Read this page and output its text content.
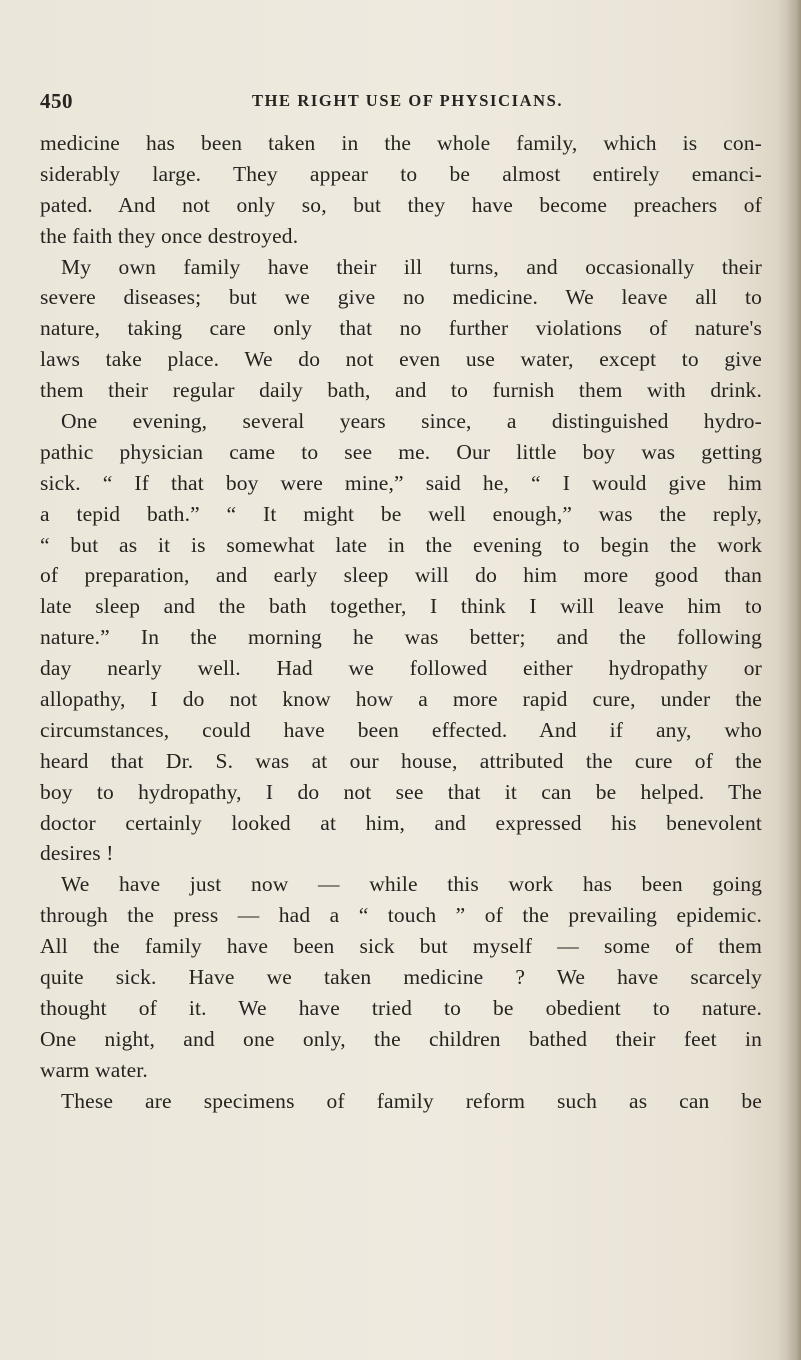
450	THE RIGHT USE OF PHYSICIANS.
medicine has been taken in the whole family, which is con-
siderably large. They appear to be almost entirely emanci-
pated. And not only so, but they have become preachers of
the faith they once destroyed.
My own family have their ill turns, and occasionally their
severe diseases; but we give no medicine. We leave all to
nature, taking care only that no further violations of nature's
laws take place. We do not even use water, except to give
them their regular daily bath, and to furnish them with drink.
One evening, several years since, a distinguished hydro-
pathic physician came to see me. Our little boy was getting
sick. “ If that boy were mine,” said he, “ I would give him
a tepid bath.” “ It might be well enough,” was the reply,
“ but as it is somewhat late in the evening to begin the work
of preparation, and early sleep will do him more good than
late sleep and the bath together, I think I will leave him to
nature.” In the morning he was better; and the following
day nearly well. Had we followed either hydropathy or
allopathy, I do not know how a more rapid cure, under the
circumstances, could have been effected. And if any, who
heard that Dr. S. was at our house, attributed the cure of the
boy to hydropathy, I do not see that it can be helped. The
doctor certainly looked at him, and expressed his benevolent
desires !
We have just now — while this work has been going
through the press — had a “ touch ” of the prevailing epidemic.
All the family have been sick but myself — some of them
quite sick. Have we taken medicine ? We have scarcely
thought of it. We have tried to be obedient to nature.
One night, and one only, the children bathed their feet in
warm water.
These are specimens of family reform such as can be
